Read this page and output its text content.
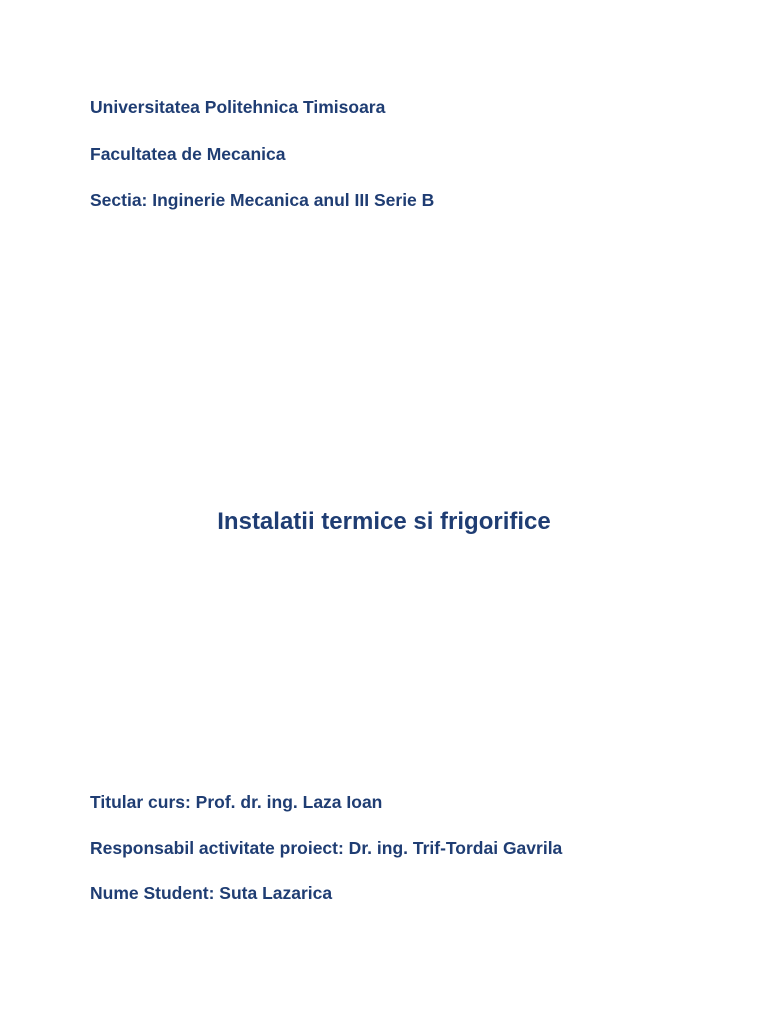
Universitatea Politehnica Timisoara
Facultatea de Mecanica
Sectia: Inginerie Mecanica anul III Serie B
Instalatii termice si frigorifice
Titular curs: Prof. dr. ing. Laza Ioan
Responsabil activitate proiect: Dr. ing. Trif-Tordai Gavrila
Nume Student: Suta Lazarica
